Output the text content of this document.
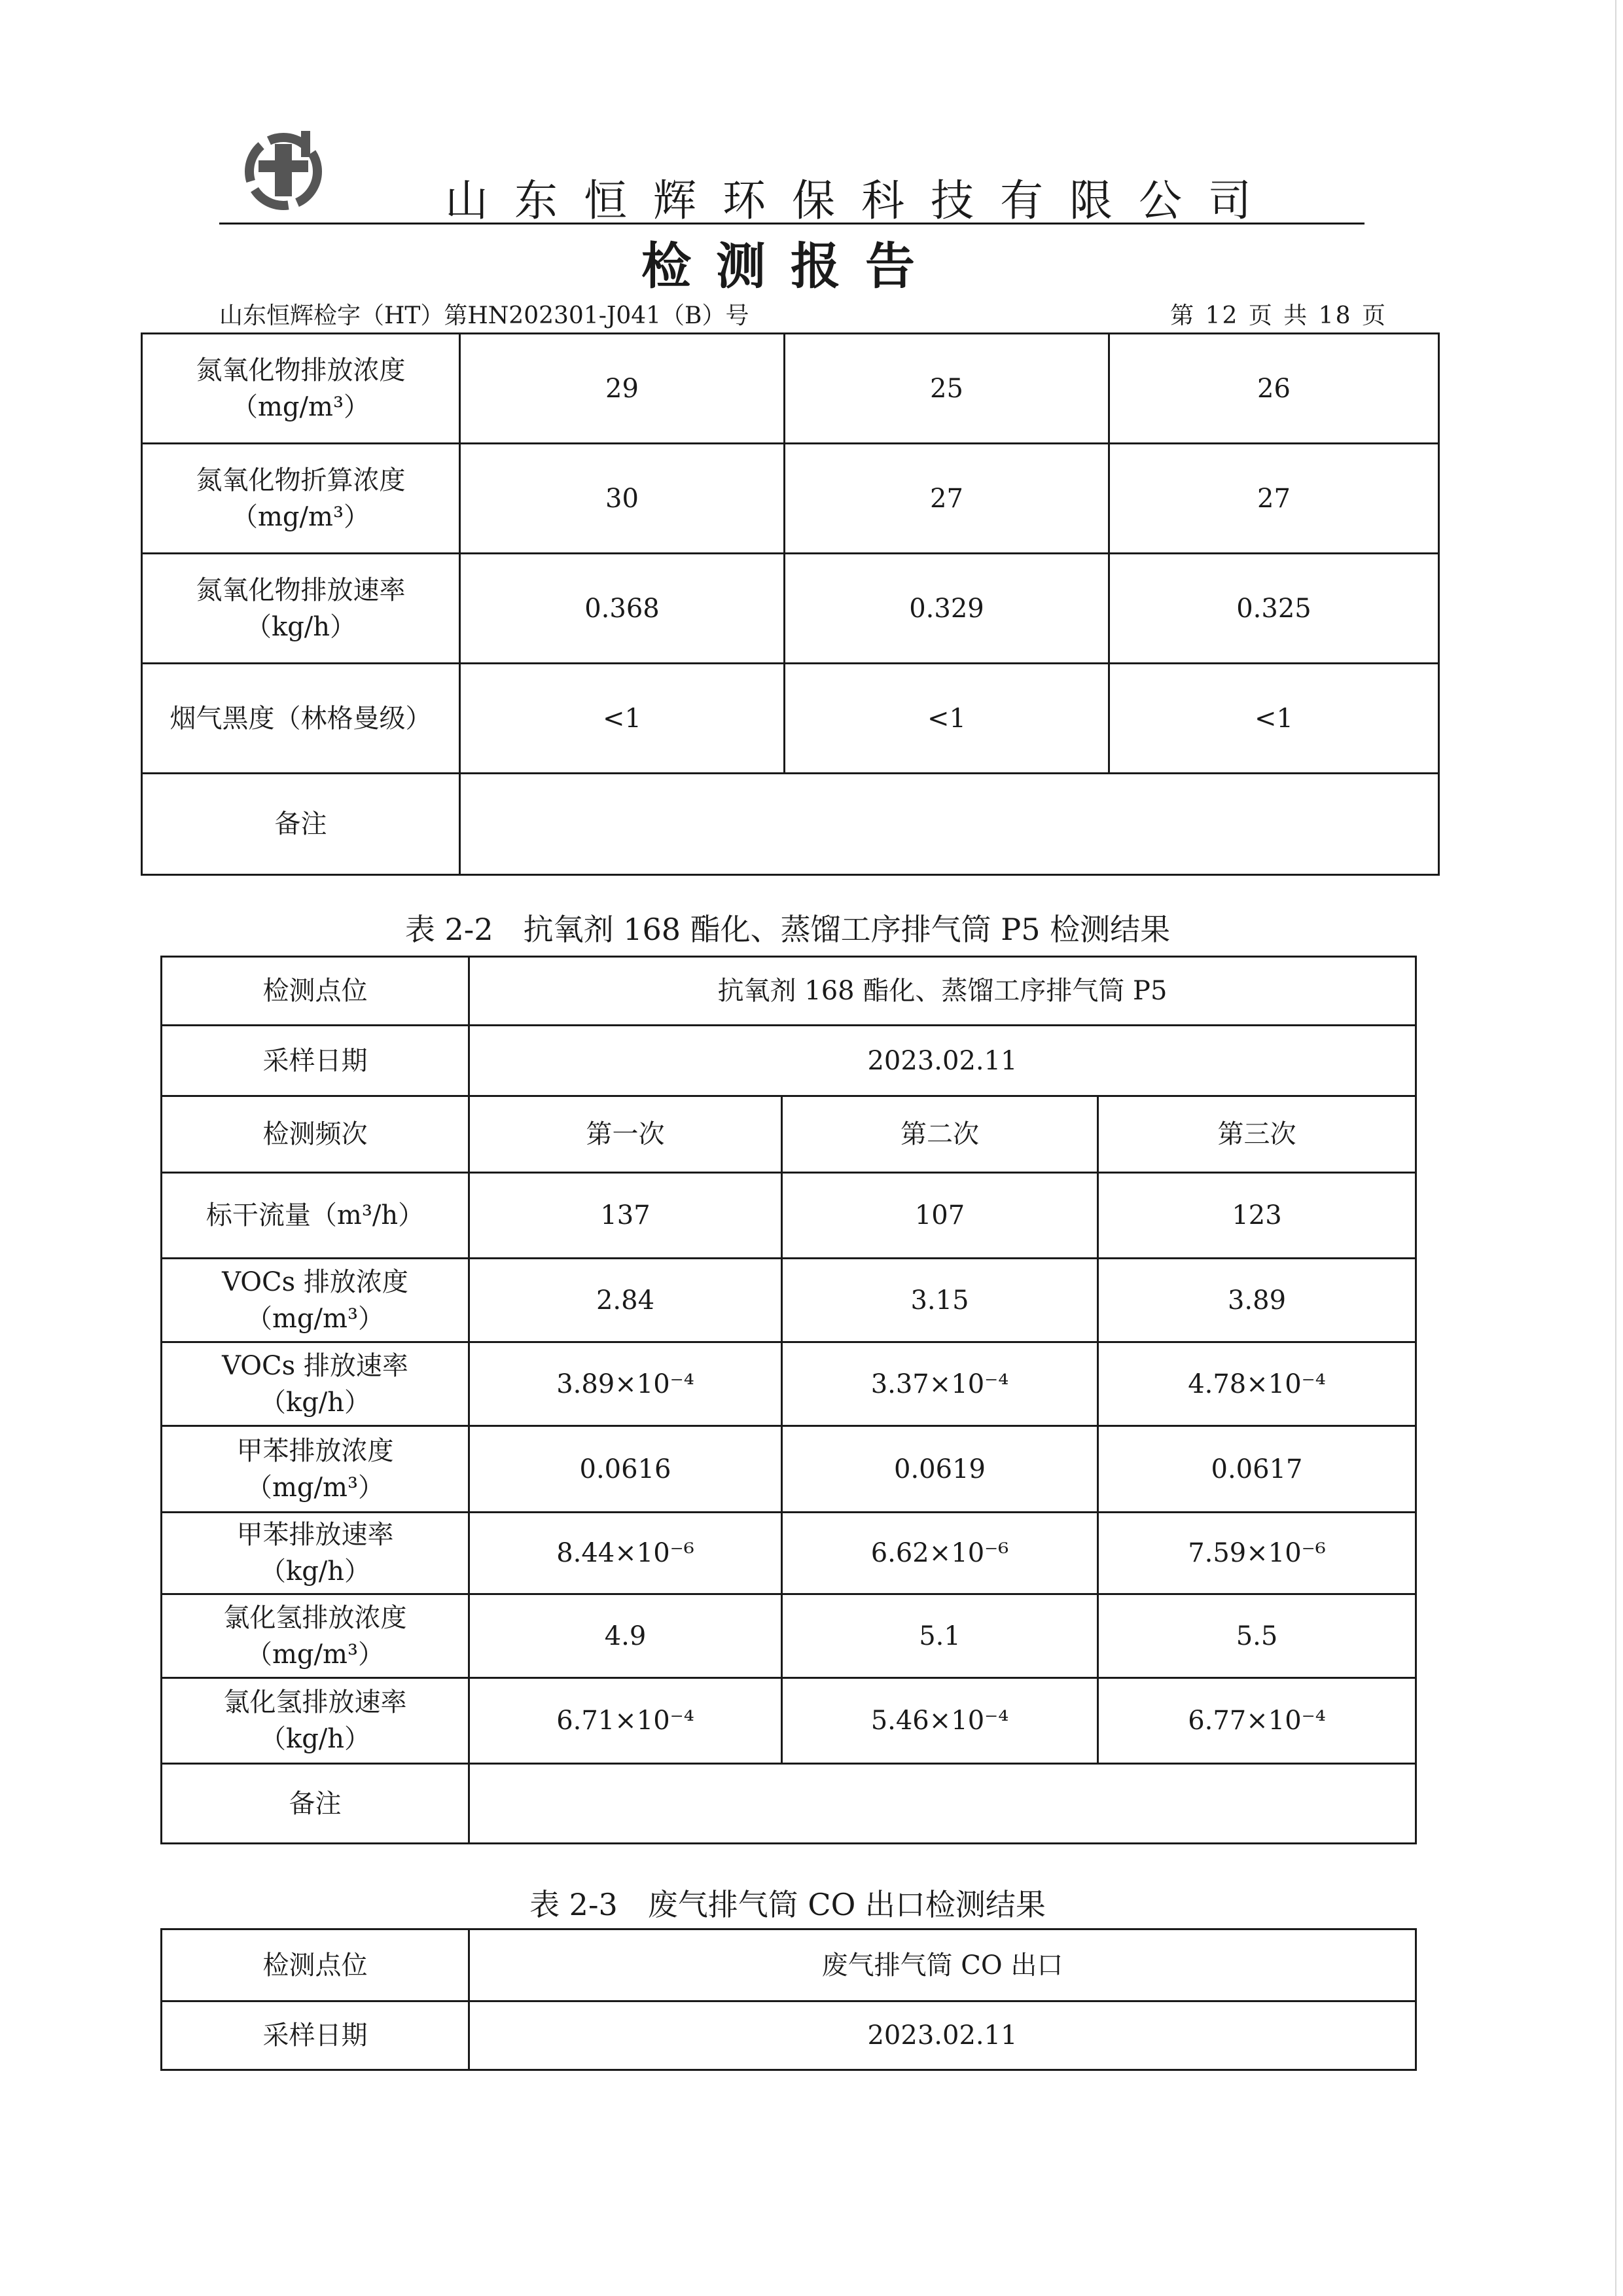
山东恒辉环保科技有限公司
检测报告
山东恒辉检字（HT）第HN202301-J041（B）号	第 12 页 共 18 页
氮氧化物排放浓度
（mg/m³）	29	25	26

氮氧化物折算浓度
（mg/m³）	30	27	27

氮氧化物排放速率
（kg/h）	0.368	0.329	0.325

烟气黑度（林格曼级）	<1	<1	<1
备注			
表 2-2　抗氧剂 168 酯化、蒸馏工序排气筒 P5 检测结果
检测点位	抗氧剂 168 酯化、蒸馏工序排气筒 P5		
采样日期	2023.02.11		
检测频次	第一次	第二次	第三次
标干流量（m³/h）	137	107	123

VOCs 排放浓度
（mg/m³）	2.84	3.15	3.89

VOCs 排放速率
（kg/h）	3.89×10⁻⁴	3.37×10⁻⁴	4.78×10⁻⁴

甲苯排放浓度
（mg/m³）	0.0616	0.0619	0.0617

甲苯排放速率
（kg/h）	8.44×10⁻⁶	6.62×10⁻⁶	7.59×10⁻⁶

氯化氢排放浓度
（mg/m³）	4.9	5.1	5.5

氯化氢排放速率
（kg/h）	6.71×10⁻⁴	5.46×10⁻⁴	6.77×10⁻⁴
备注			
表 2-3　废气排气筒 CO 出口检测结果
检测点位	废气排气筒 CO 出口
采样日期	2023.02.11
